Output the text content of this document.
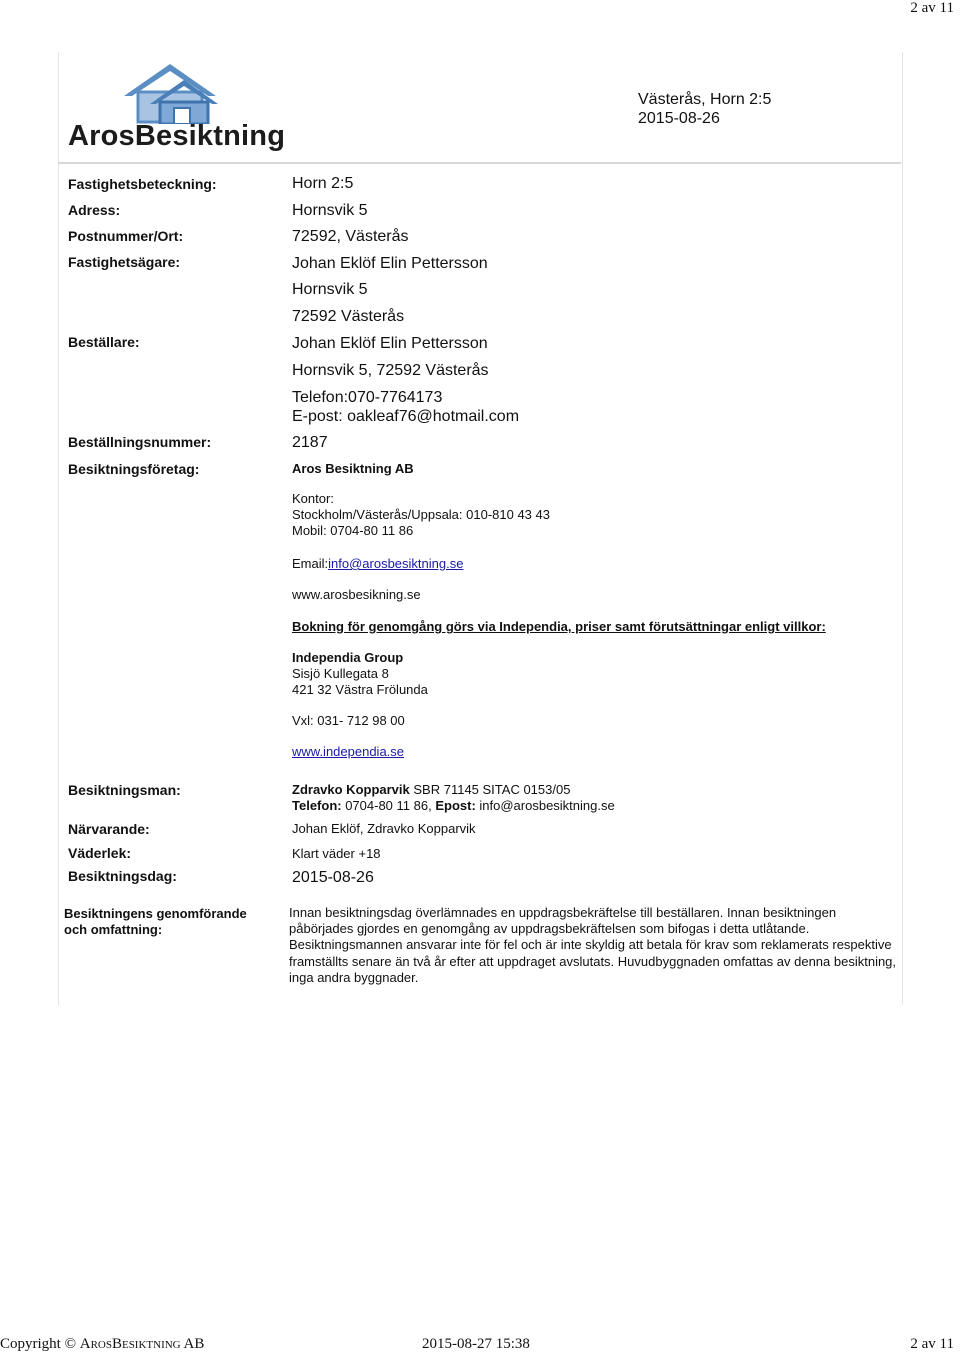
2 av 11
ArosBesiktning
Västerås, Horn 2:5
2015-08-26
Fastighetsbeteckning:	Horn 2:5
Adress:	Hornsvik 5
Postnummer/Ort:	72592, Västerås
Fastighetsägare:	Johan Eklöf Elin Pettersson
Hornsvik 5
72592 Västerås
Beställare:	Johan Eklöf Elin Pettersson
Hornsvik 5, 72592 Västerås
Telefon:070-7764173
E-post: oakleaf76@hotmail.com
Beställningsnummer:	2187
Besiktningsföretag:	Aros Besiktning AB
Kontor:
Stockholm/Västerås/Uppsala: 010-810 43 43
Mobil: 0704-80 11 86
Email:info@arosbesiktning.se
www.arosbesikning.se
Bokning för genomgång görs via Independia, priser samt förutsättningar enligt villkor:
Independia Group
Sisjö Kullegata 8
421 32 Västra Frölunda
Vxl: 031- 712 98 00
www.independia.se
Besiktningsman:	Zdravko Kopparvik SBR 71145 SITAC 0153/05
Telefon: 0704-80 11 86, Epost: info@arosbesiktning.se
Närvarande:	Johan Eklöf, Zdravko Kopparvik
Väderlek:	Klart väder +18
Besiktningsdag:	2015-08-26
Besiktningens genomförande och omfattning:
Innan besiktningsdag överlämnades en uppdragsbekräftelse till beställaren. Innan besiktningen påbörjades gjordes en genomgång av uppdragsbekräftelsen som bifogas i detta utlåtande. Besiktningsmannen ansvarar inte för fel och är inte skyldig att betala för krav som reklamerats respektive framställts senare än två år efter att uppdraget avslutats. Huvudbyggnaden omfattas av denna besiktning, inga andra byggnader.
Copyright © ArosBesiktning AB	2015-08-27 15:38	2 av 11
